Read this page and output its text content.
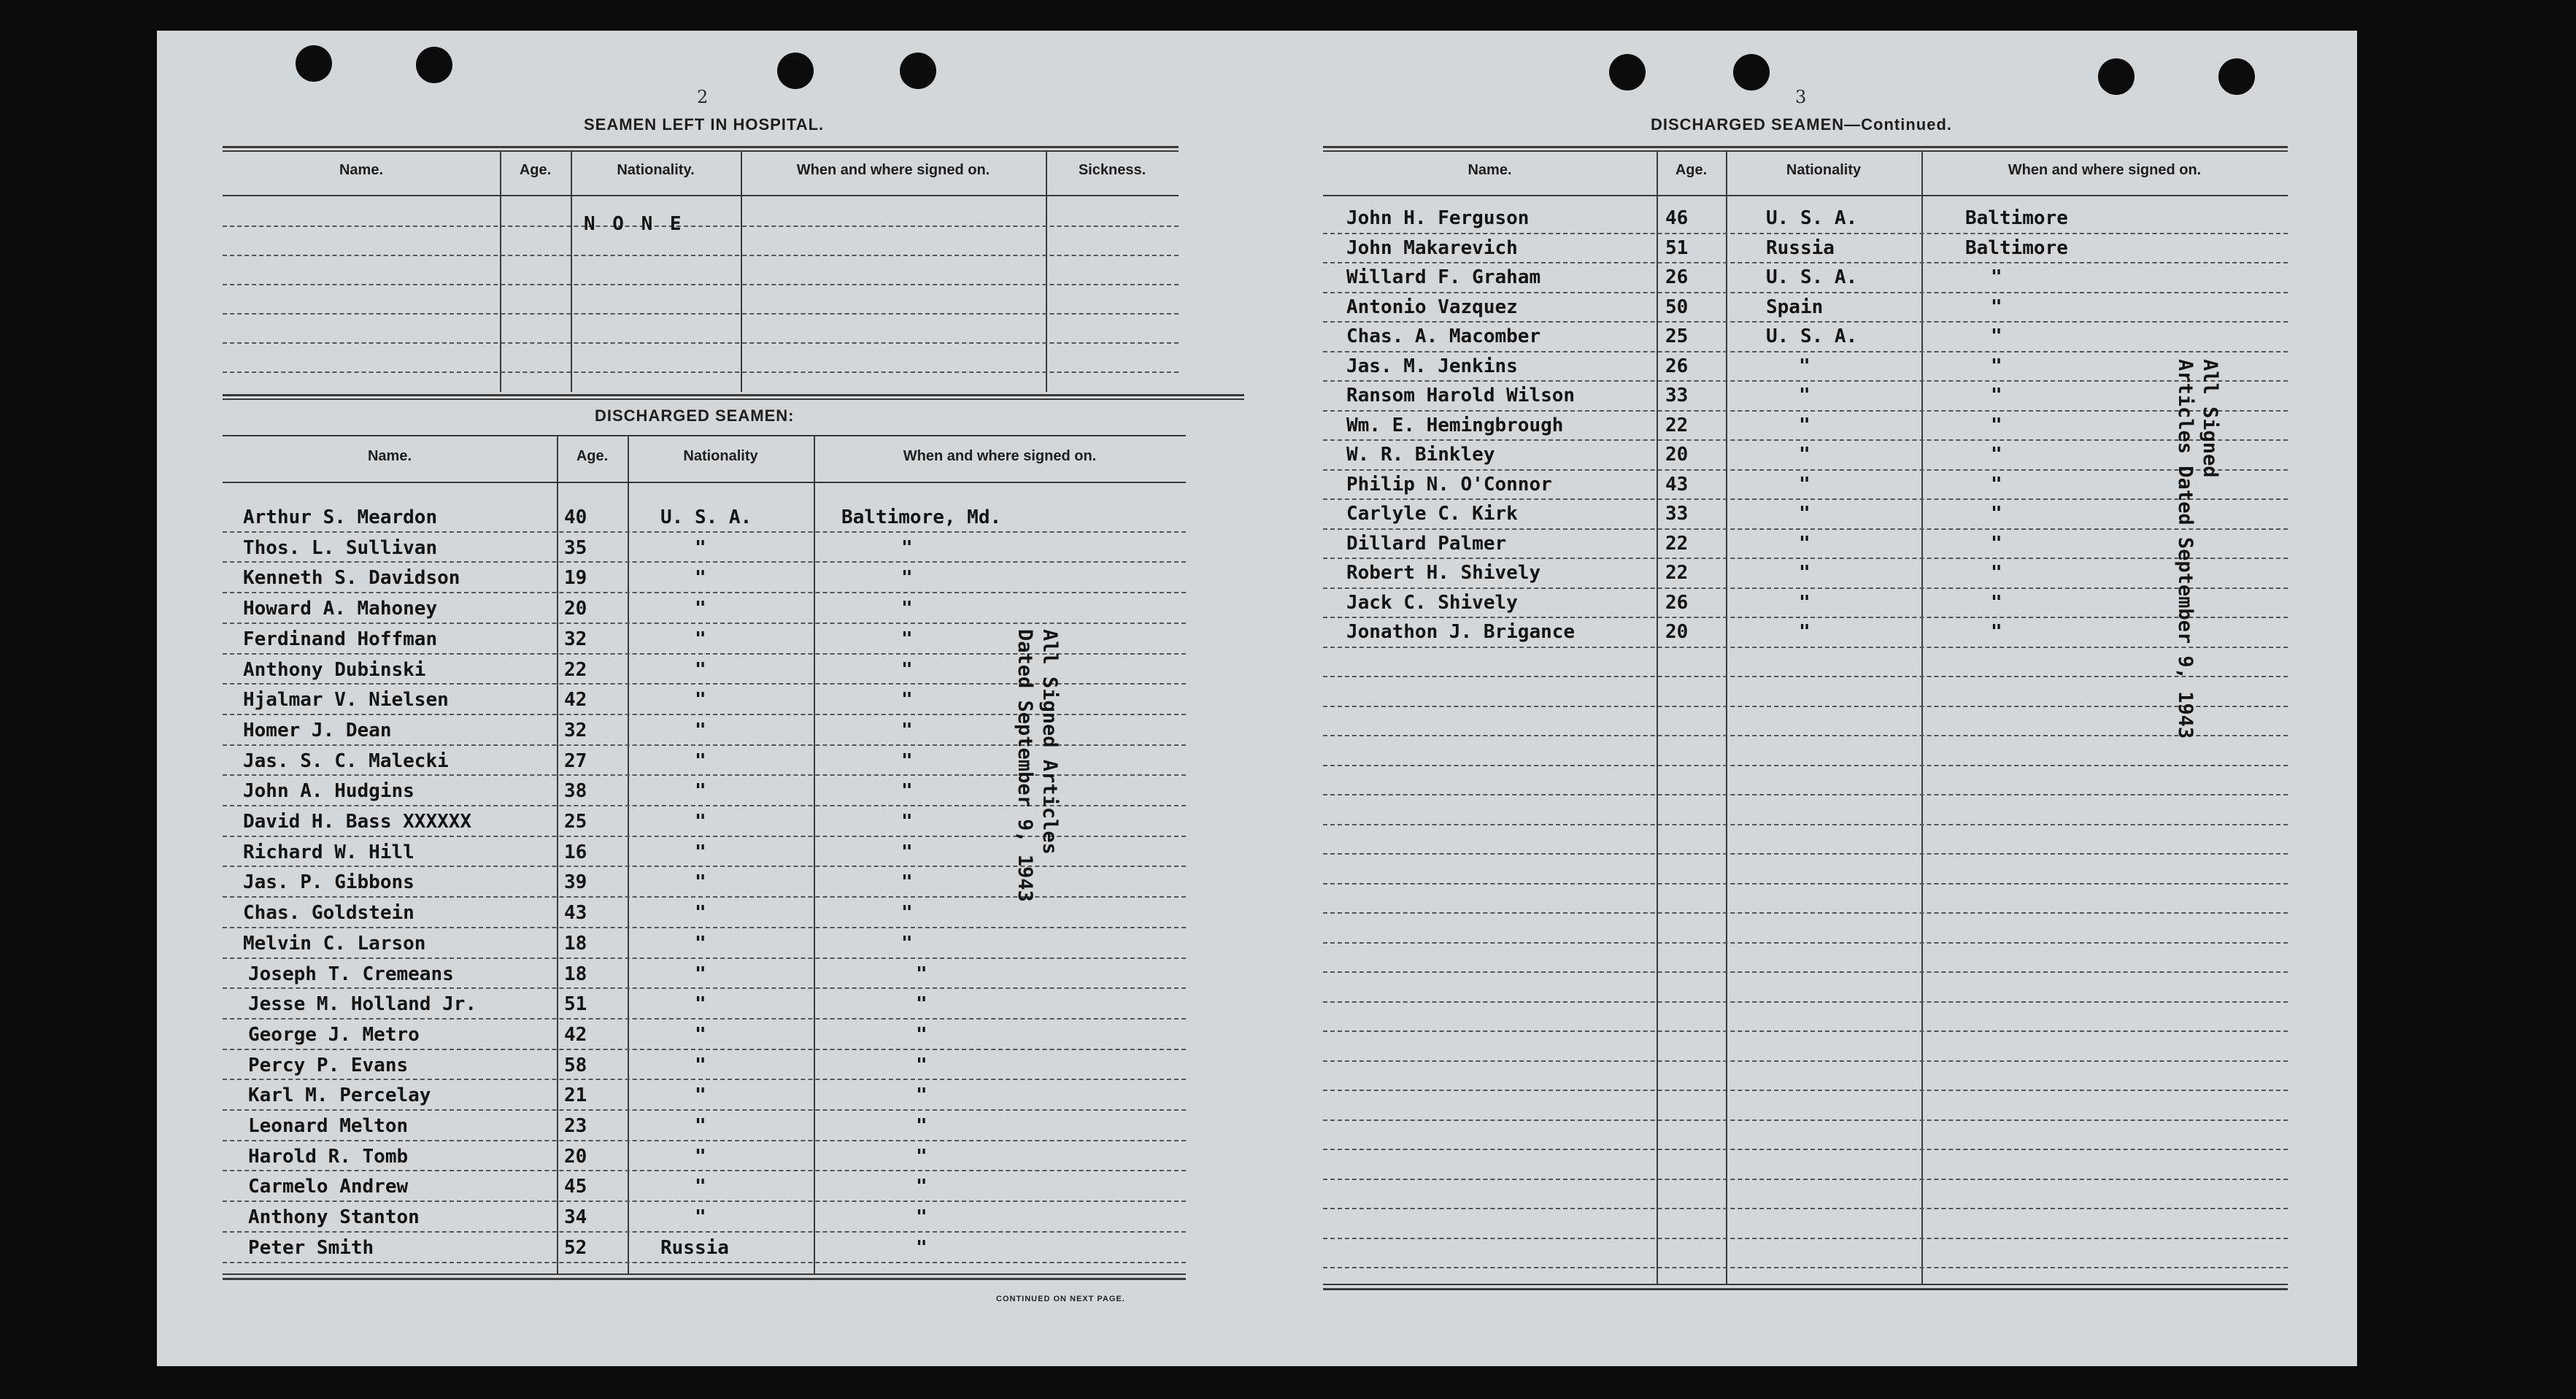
2
SEAMEN LEFT IN HOSPITAL.
Name.	Age.	Nationality.	When and where signed on.	Sickness.
N O N E
DISCHARGED SEAMEN:
Name.	Age.	Nationality	When and where signed on.
Arthur S. Meardon	40	U. S. A.	Baltimore, Md.
Thos. L. Sullivan	35	"	"
Kenneth S. Davidson	19	"	"
Howard A. Mahoney	20	"	"
Ferdinand Hoffman	32	"	"
Anthony Dubinski	22	"	"
Hjalmar V. Nielsen	42	"	"
Homer J. Dean	32	"	"
Jas. S. C. Malecki	27	"	"
John A. Hudgins	38	"	"
David H. Bass XXXXXX	25	"	"
Richard W. Hill	16	"	"
Jas. P. Gibbons	39	"	"
Chas. Goldstein	43	"	"
Melvin C. Larson	18	"	"
Joseph T. Cremeans	18	"	"
Jesse M. Holland Jr.	51	"	"
George J. Metro	42	"	"
Percy P. Evans	58	"	"
Karl M. Percelay	21	"	"
Leonard Melton	23	"	"
Harold R. Tomb	20	"	"
Carmelo Andrew	45	"	"
Anthony Stanton	34	"	"
Peter Smith	52	Russia	"
All Signed Articles
Dated September 9, 1943
CONTINUED ON NEXT PAGE.
3
DISCHARGED SEAMEN—Continued.
Name.	Age.	Nationality	When and where signed on.
John H. Ferguson	46	U. S. A.	Baltimore
John Makarevich	51	Russia	Baltimore
Willard F. Graham	26	U. S. A.	"
Antonio Vazquez	50	Spain	"
Chas. A. Macomber	25	U. S. A.	"
Jas. M. Jenkins	26	"	"
Ransom Harold Wilson	33	"	"
Wm. E. Hemingbrough	22	"	"
W. R. Binkley	20	"	"
Philip N. O'Connor	43	"	"
Carlyle C. Kirk	33	"	"
Dillard Palmer	22	"	"
Robert H. Shively	22	"	"
Jack C. Shively	26	"	"
Jonathon J. Brigance	20	"	"
All Signed
Articles Dated September 9, 1943
